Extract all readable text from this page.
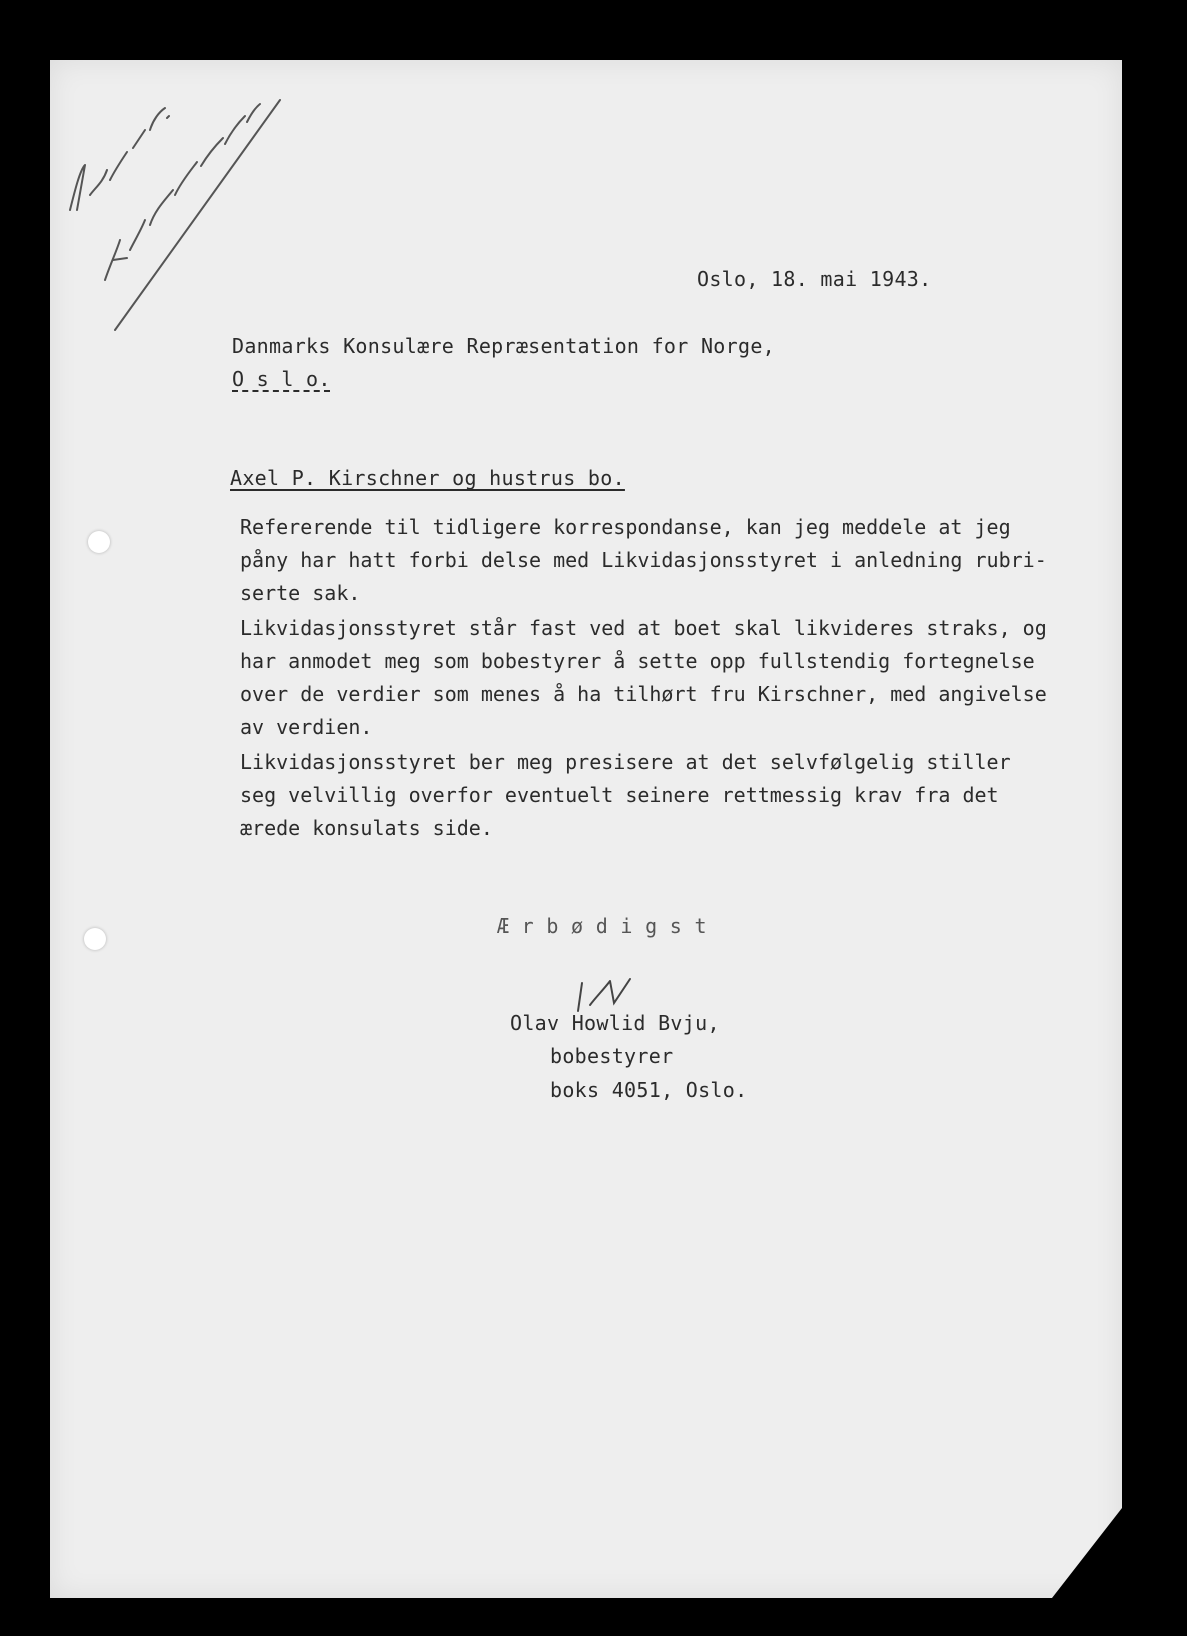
Oslo, 18. mai 1943.
Danmarks Konsulære Repræsentation for Norge,
O s l o.
Axel P. Kirschner og hustrus bo.
Refererende til tidligere korrespondanse, kan jeg meddele at jeg
påny har hatt forbi delse med Likvidasjonsstyret i anledning rubri-
serte sak.
Likvidasjonsstyret står fast ved at boet skal likvideres straks, og
har anmodet meg som bobestyrer å sette opp fullstendig fortegnelse
over de verdier som menes å ha tilhørt fru Kirschner, med angivelse
av verdien.
Likvidasjonsstyret ber meg presisere at det selvfølgelig stiller
seg velvillig overfor eventuelt seinere rettmessig krav fra det
ærede konsulats side.
Æ r b ø d i g s t
Olav Howlid Bvju,
bobestyrer
boks 4051, Oslo.
